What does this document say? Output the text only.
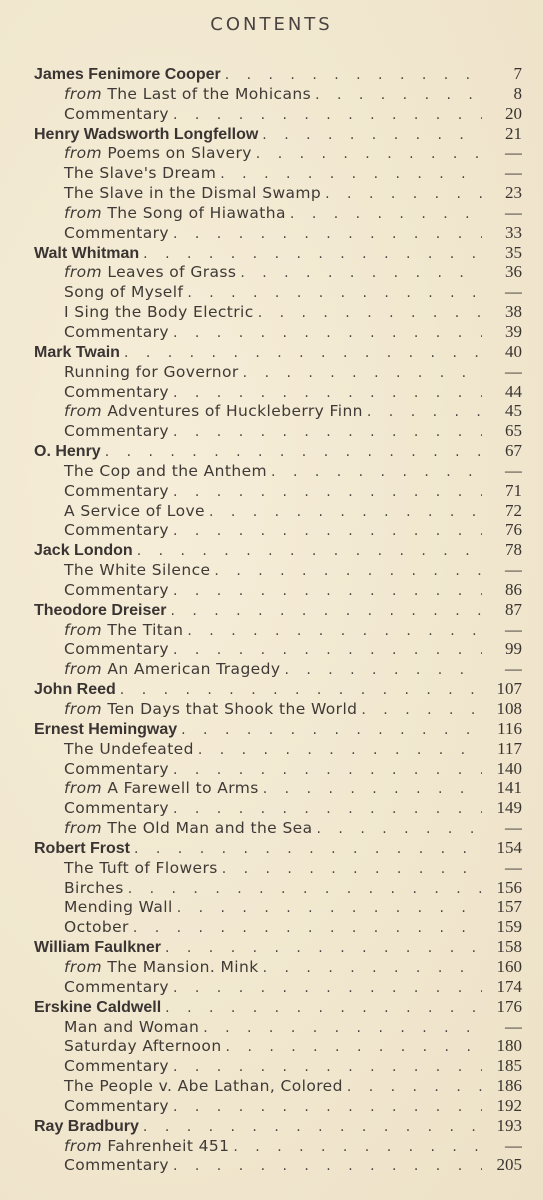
CONTENTS
James Fenimore Cooper . . .	7
from The Last of the Mohicans . . .	8
Commentary . . .	20
Henry Wadsworth Longfellow . . .	21
from Poems on Slavery . . .	—
The Slave's Dream . . .	—
The Slave in the Dismal Swamp . . .	23
from The Song of Hiawatha . . .	—
Commentary . . .	33
Walt Whitman . . .	35
from Leaves of Grass . . .	36
Song of Myself . . .	—
I Sing the Body Electric . . .	38
Commentary . . .	39
Mark Twain . . .	40
Running for Governor . . .	—
Commentary . . .	44
from Adventures of Huckleberry Finn . . .	45
Commentary . . .	65
O. Henry . . .	67
The Cop and the Anthem . . .	—
Commentary . . .	71
A Service of Love . . .	72
Commentary . . .	76
Jack London . . .	78
The White Silence . . .	—
Commentary . . .	86
Theodore Dreiser . . .	87
from The Titan . . .	—
Commentary . . .	99
from An American Tragedy . . .	—
John Reed . . .	107
from Ten Days that Shook the World . . .	108
Ernest Hemingway . . .	116
The Undefeated . . .	117
Commentary . . .	140
from A Farewell to Arms . . .	141
Commentary . . .	149
from The Old Man and the Sea . . .	—
Robert Frost . . .	154
The Tuft of Flowers . . .	—
Birches . . .	156
Mending Wall . . .	157
October . . .	159
William Faulkner . . .	158
from The Mansion. Mink . . .	160
Commentary . . .	174
Erskine Caldwell . . .	176
Man and Woman . . .	—
Saturday Afternoon . . .	180
Commentary . . .	185
The People v. Abe Lathan, Colored . . .	186
Commentary . . .	192
Ray Bradbury . . .	193
from Fahrenheit 451 . . .	—
Commentary . . .	205
